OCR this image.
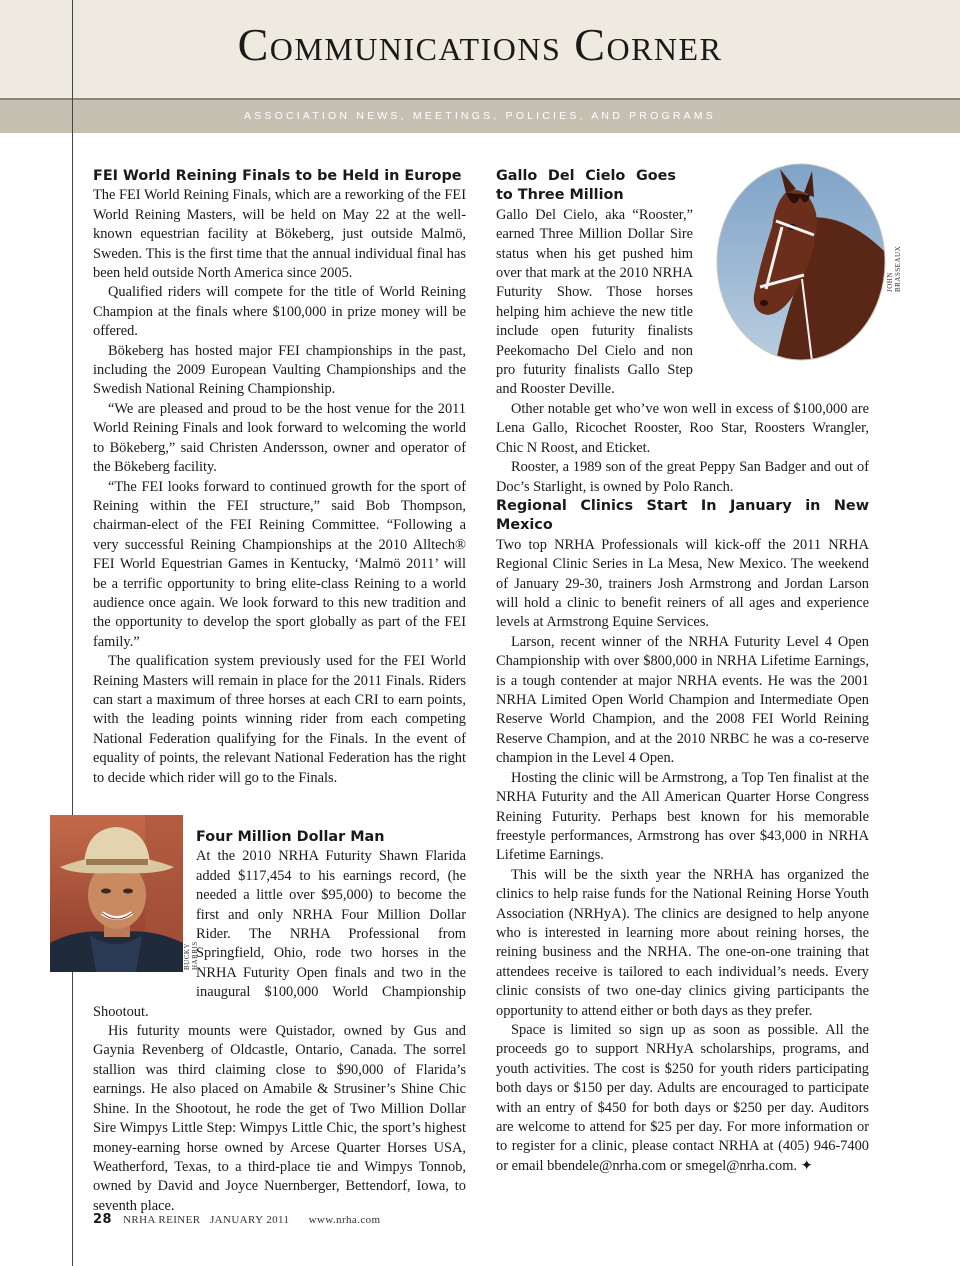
Communications Corner
ASSOCIATION NEWS, MEETINGS, POLICIES, AND PROGRAMS
FEI World Reining Finals to be Held in Europe

The FEI World Reining Finals, which are a reworking of the FEI World Reining Masters, will be held on May 22 at the well-known equestrian facility at Bökeberg, just outside Malmö, Sweden. This is the first time that the annual individual final has been held outside North America since 2005.

Qualified riders will compete for the title of World Reining Champion at the finals where $100,000 in prize money will be offered.

Bökeberg has hosted major FEI championships in the past, including the 2009 European Vaulting Championships and the Swedish National Reining Championship.

“We are pleased and proud to be the host venue for the 2011 World Reining Finals and look forward to welcoming the world to Bökeberg,” said Christen Andersson, owner and operator of the Bökeberg facility.

“The FEI looks forward to continued growth for the sport of Reining within the FEI structure,” said Bob Thompson, chairman-elect of the FEI Reining Committee. “Following a very successful Reining Championships at the 2010 Alltech® FEI World Equestrian Games in Kentucky, ‘Malmö 2011’ will be a terrific opportunity to bring elite-class Reining to a world audience once again. We look forward to this new tradition and the opportunity to develop the sport globally as part of the FEI family.”

The qualification system previously used for the FEI World Reining Masters will remain in place for the 2011 Finals. Riders can start a maximum of three horses at each CRI to earn points, with the leading points winning rider from each competing National Federation qualifying for the Finals. In the event of equality of points, the relevant National Federation has the right to decide which rider will go to the Finals.

Four Million Dollar Man

At the 2010 NRHA Futurity Shawn Flarida added $117,454 to his earnings record, (he needed a little over $95,000) to become the first and only NRHA Four Million Dollar Rider. The NRHA Professional from Springfield, Ohio, rode two horses in the NRHA Futurity Open finals and two in the inaugural $100,000 World Championship Shootout.

His futurity mounts were Quistador, owned by Gus and Gaynia Revenberg of Oldcastle, Ontario, Canada. The sorrel stallion was third claiming close to $90,000 of Flarida’s earnings. He also placed on Amabile & Strusiner’s Shine Chic Shine. In the Shootout, he rode the get of Two Million Dollar Sire Wimpys Little Step: Wimpys Little Chic, the sport’s highest money-earning horse owned by Arcese Quarter Horses USA, Weatherford, Texas, to a third-place tie and Wimpys Tonnob, owned by David and Joyce Nuernberger, Bettendorf, Iowa, to seventh place.

BUCKY HARRIS
Gallo Del Cielo Goes to Three Million

Gallo Del Cielo, aka “Rooster,” earned Three Million Dollar Sire status when his get pushed him over that mark at the 2010 NRHA Futurity Show. Those horses helping him achieve the new title include open futurity finalists Peekomacho Del Cielo and non pro futurity finalists Gallo Step and Rooster Deville.

Other notable get who’ve won well in excess of $100,000 are Lena Gallo, Ricochet Rooster, Roo Star, Roosters Wrangler, Chic N Roost, and Eticket.

Rooster, a 1989 son of the great Peppy San Badger and out of Doc’s Starlight, is owned by Polo Ranch.

JOHN BRASSEAUX
Regional Clinics Start In January in New Mexico

Two top NRHA Professionals will kick-off the 2011 NRHA Regional Clinic Series in La Mesa, New Mexico. The weekend of January 29-30, trainers Josh Armstrong and Jordan Larson will hold a clinic to benefit reiners of all ages and experience levels at Armstrong Equine Services.

Larson, recent winner of the NRHA Futurity Level 4 Open Championship with over $800,000 in NRHA Lifetime Earnings, is a tough contender at major NRHA events. He was the 2001 NRHA Limited Open World Champion and Intermediate Open Reserve World Champion, and the 2008 FEI World Reining Reserve Champion, and at the 2010 NRBC he was a co-reserve champion in the Level 4 Open.

Hosting the clinic will be Armstrong, a Top Ten finalist at the NRHA Futurity and the All American Quarter Horse Congress Reining Futurity. Perhaps best known for his memorable freestyle performances, Armstrong has over $43,000 in NRHA Lifetime Earnings.

This will be the sixth year the NRHA has organized the clinics to help raise funds for the National Reining Horse Youth Association (NRHyA). The clinics are designed to help anyone who is interested in learning more about reining horses, the reining business and the NRHA. The one-on-one training that attendees receive is tailored to each individual’s needs. Every clinic consists of two one-day clinics giving participants the opportunity to attend either or both days as they prefer.

Space is limited so sign up as soon as possible. All the proceeds go to support NRHyA scholarships, programs, and youth activities. The cost is $250 for youth riders participating both days or $150 per day. Adults are encouraged to participate with an entry of $450 for both days or $250 per day. Auditors are welcome to attend for $25 per day. For more information or to register for a clinic, please contact NRHA at (405) 946-7400 or email bbendele@nrha.com or smegel@nrha.com. ✦

28 NRHA REINER JANUARY 2011 www.nrha.com
